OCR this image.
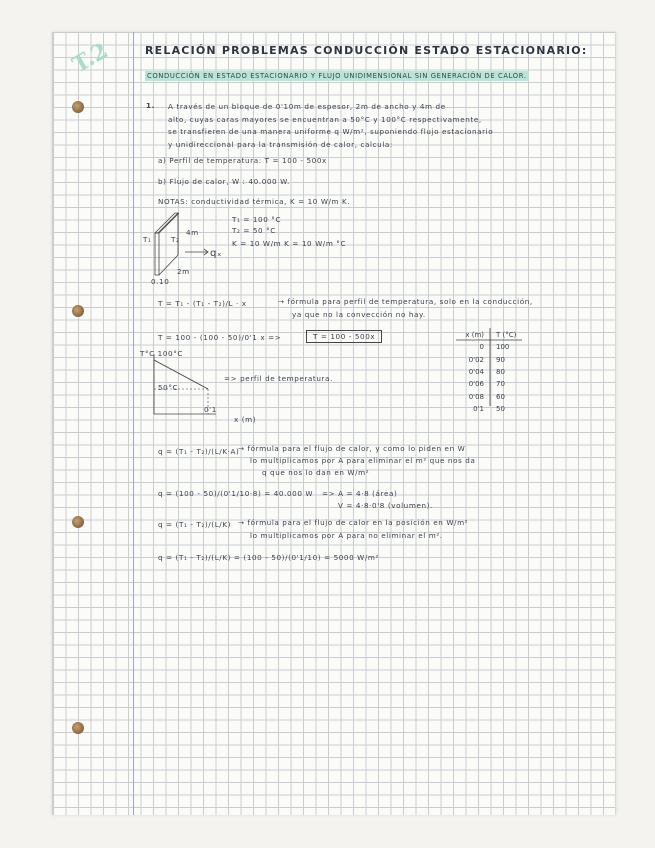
T.2	RELACIÓN PROBLEMAS CONDUCCIÓN ESTADO ESTACIONARIO:
CONDUCCIÓN EN ESTADO ESTACIONARIO Y FLUJO UNIDIMENSIONAL SIN GENERACIÓN DE CALOR.
1. A través de un bloque de 0'10m de espesor, 2m de ancho y 4m de
alto, cuyas caras mayores se encuentran a 50°C y 100°C respectivamente,
se transfieren de una manera uniforme q W/m², suponiendo flujo estacionario
y unidireccional para la transmisión de calor, calcula:
a) Perfil de temperatura: T = 100 - 500x
b) Flujo de calor, W : 40.000 W.
NOTAS: conductividad térmica, K = 10 W/m K.
T₁	T₂
4m
2m
0.10
qₓ
T₁ = 100 °C
T₂ = 50 °C
K = 10 W/m K = 10 W/m °C
T = T₁ - (T₁ - T₂)/L · x	→ fórmula para perfil de temperatura, solo en la conducción,
ya que no la convección no hay.
T = 100 - (100 - 50)/0'1 x =>	T = 100 - 500x	x (m)	T (°C)
0	100
0'02	90
0'04	80
0'06	70
0'08	60
0'1	50
T°C 100°C
50°C
0'1
x (m)
=> perfil de temperatura.
q = (T₁ - T₂)/(L/K·A)
→ fórmula para el flujo de calor, y como lo piden en W
lo multiplicamos por A para eliminar el m² que nos da
q que nos lo dan en W/m²
q = (100 - 50)/(0'1/10·8) = 40.000 W => A = 4·8 (área)
V = 4·8·0'8 (volumen).
q = (T₁ - T₂)/(L/K) → fórmula para el flujo de calor en la posición en W/m²
lo multiplicamos por A para no eliminar el m².
q = (T₁ - T₂)/(L/K) = (100 - 50)/(0'1/10) = 5000 W/m²
